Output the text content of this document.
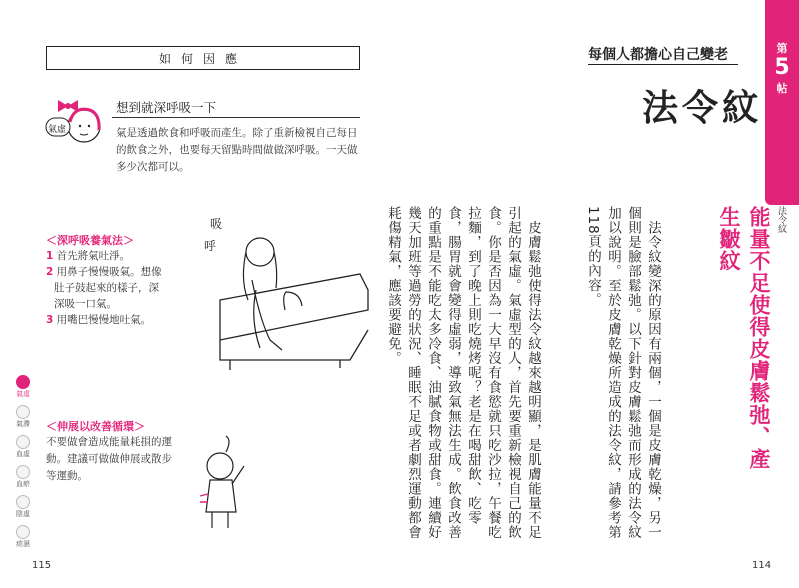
如何因應
氣虛
想到就深呼吸一下
氣是透過飲食和呼吸而產生。除了重新檢視自己每日的飲食之外，也要每天留點時間做做深呼吸。一天做多少次都可以。
＜深呼吸養氣法＞
1 首先將氣吐淨。
2 用鼻子慢慢吸氣。想像肚子鼓起來的樣子，深深吸一口氣。
3 用嘴巴慢慢地吐氣。
吸
呼
＜伸展以改善循環＞
不要做會造成能量耗損的運動。建議可做做伸展或散步等運動。
氣虛
氣滯
血虛
血瘀
陰虛
痰濕
115
每個人都擔心自己變老
法令紋
第
5
帖
法令紋
能量不足使得皮膚鬆弛、產生皺紋

　法令紋變深的原因有兩個，一個是皮膚乾燥，另一個則是臉部鬆弛。以下針對皮膚鬆弛而形成的法令紋加以說明。至於皮膚乾燥所造成的法令紋，請參考第118頁的內容。

　皮膚鬆弛使得法令紋越來越明顯，是肌膚能量不足引起的氣虛。氣虛型的人，首先要重新檢視自己的飲食。你是否因為一大早沒有食慾就只吃沙拉，午餐吃拉麵，到了晚上則吃燒烤呢？老是在喝甜飲、吃零食，腸胃就會變得虛弱，導致氣無法生成。飲食改善的重點是不能吃太多冷食、油膩食物或甜食。連續好幾天加班等過勞的狀況、睡眠不足或者劇烈運動都會耗傷精氣，應該要避免。

114
